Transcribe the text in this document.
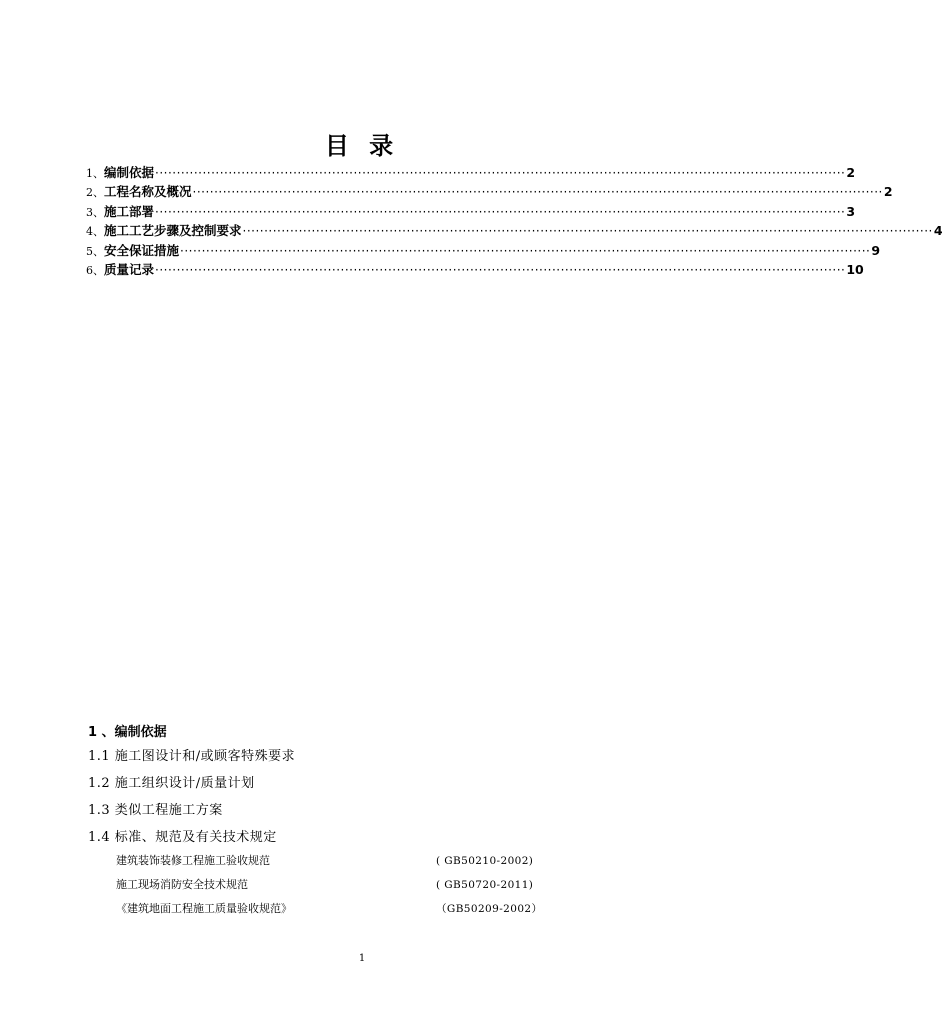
目 录
1、 编制依据 ································································································································································ 2
2、 工程名称及概况 ································································································································································ 2
3、 施工部署 ································································································································································ 3
4、 施工工艺步骤及控制要求 ································································································································································ 4
5、 安全保证措施 ································································································································································ 9
6、 质量记录 ································································································································································ 10
1 、编制依据
1.1 施工图设计和/或顾客特殊要求
1.2 施工组织设计/质量计划
1.3 类似工程施工方案
1.4 标准、规范及有关技术规定
建筑装饰装修工程施工验收规范	( GB50210-2002)
施工现场消防安全技术规范	( GB50720-2011)
《建筑地面工程施工质量验收规范》	（GB50209-2002）
1
